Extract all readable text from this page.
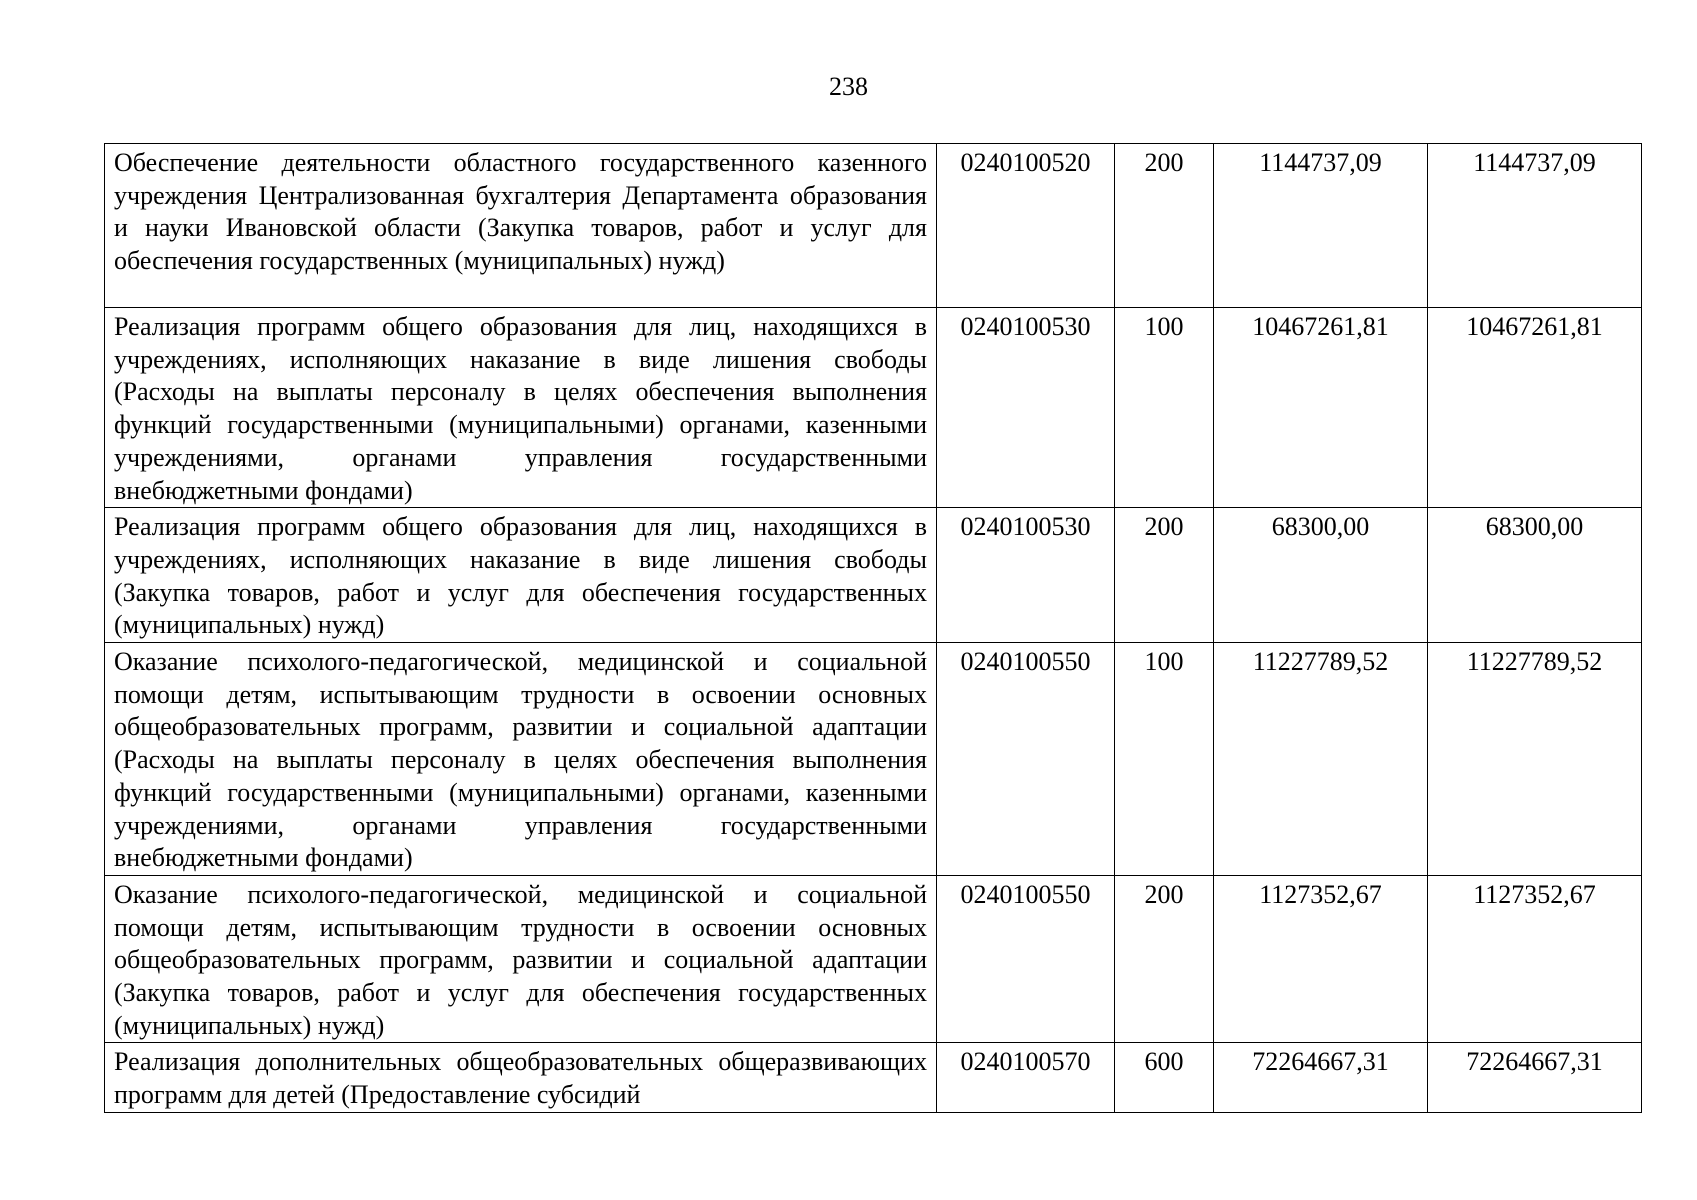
238
Обеспечение деятельности областного государственного казенного учреждения Централизованная бухгалтерия Департамента образования и науки Ивановской области (Закупка товаров, работ и услуг для обеспечения государственных (муниципальных) нужд)	0240100520	200	1144737,09	1144737,09
Реализация программ общего образования для лиц, находящихся в учреждениях, исполняющих наказание в виде лишения свободы (Расходы на выплаты персоналу в целях обеспечения выполнения функций государственными (муниципальными) органами, казенными учреждениями, органами управления государственными внебюджетными фондами)	0240100530	100	10467261,81	10467261,81
Реализация программ общего образования для лиц, находящихся в учреждениях, исполняющих наказание в виде лишения свободы (Закупка товаров, работ и услуг для обеспечения государственных (муниципальных) нужд)	0240100530	200	68300,00	68300,00
Оказание психолого-педагогической, медицинской и социальной помощи детям, испытывающим трудности в освоении основных общеобразовательных программ, развитии и социальной адаптации (Расходы на выплаты персоналу в целях обеспечения выполнения функций государственными (муниципальными) органами, казенными учреждениями, органами управления государственными внебюджетными фондами)	0240100550	100	11227789,52	11227789,52
Оказание психолого-педагогической, медицинской и социальной помощи детям, испытывающим трудности в освоении основных общеобразовательных программ, развитии и социальной адаптации (Закупка товаров, работ и услуг для обеспечения государственных (муниципальных) нужд)	0240100550	200	1127352,67	1127352,67
Реализация дополнительных общеобразовательных общеразвивающих программ для детей (Предоставление субсидий	0240100570	600	72264667,31	72264667,31
